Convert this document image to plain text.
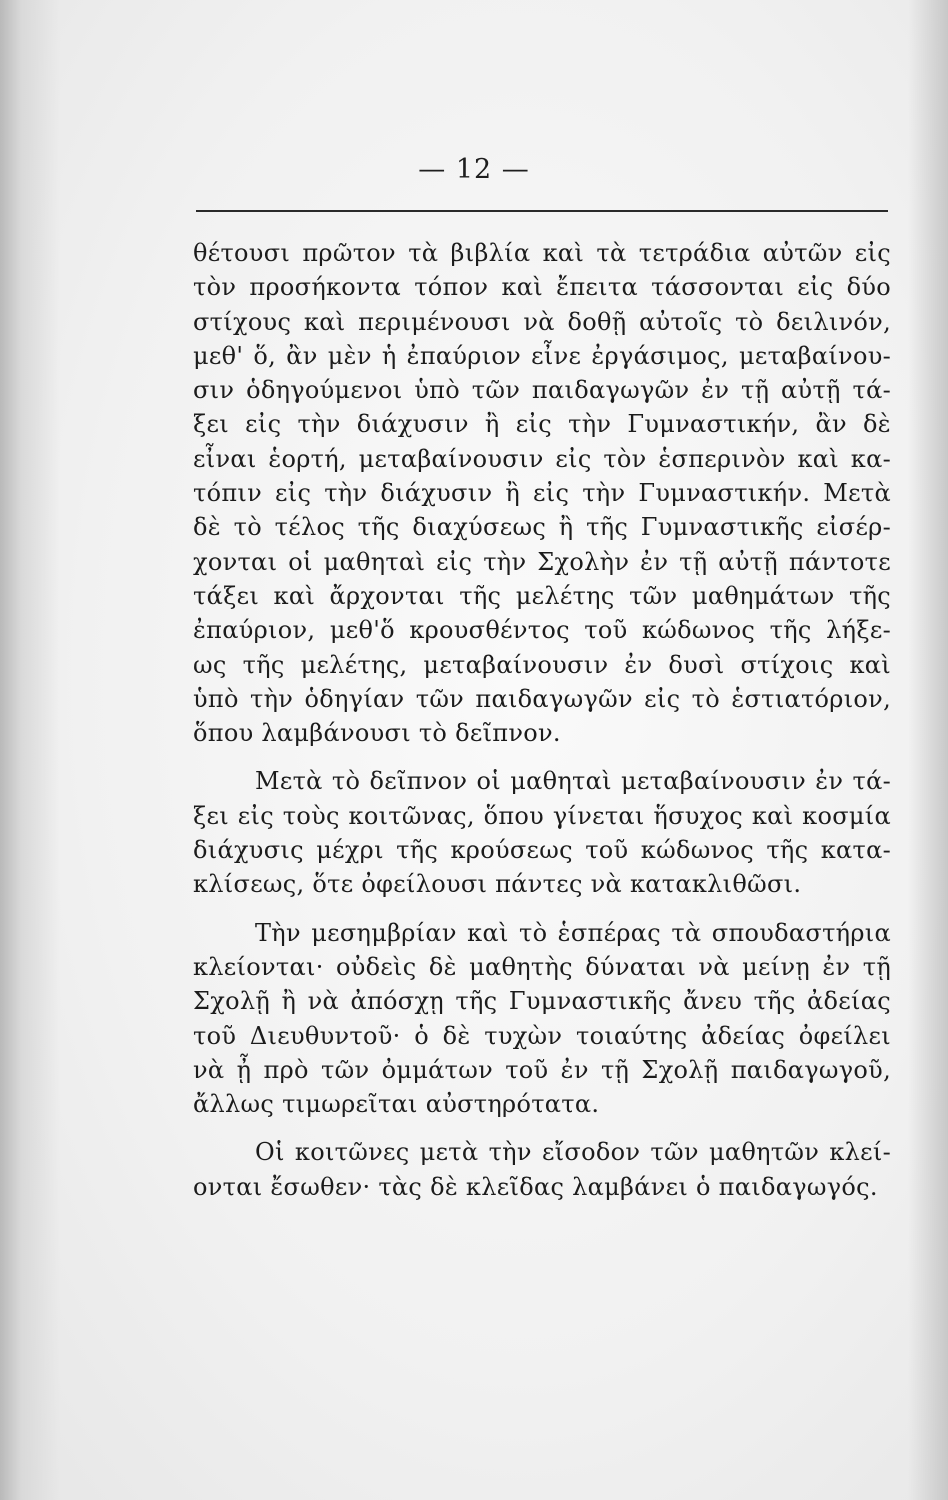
— 12 —
θέτουσι πρῶτον τὰ βιβλία καὶ τὰ τετράδια αὐτῶν εἰς
τὸν προσήκοντα τόπον καὶ ἔπειτα τάσσονται εἰς δύο
στίχους καὶ περιμένουσι νὰ δοθῇ αὐτοῖς τὸ δειλινόν,
μεθ' ὅ, ἂν μὲν ἡ ἐπαύριον εἶνε ἐργάσιμος, μεταβαίνου-
σιν ὁδηγούμενοι ὑπὸ τῶν παιδαγωγῶν ἐν τῇ αὐτῇ τά-
ξει εἰς τὴν διάχυσιν ἢ εἰς τὴν Γυμναστικήν, ἂν δὲ
εἶναι ἑορτή, μεταβαίνουσιν εἰς τὸν ἑσπερινὸν καὶ κα-
τόπιν εἰς τὴν διάχυσιν ἢ εἰς τὴν Γυμναστικήν. Μετὰ
δὲ τὸ τέλος τῆς διαχύσεως ἢ τῆς Γυμναστικῆς εἰσέρ-
χονται οἱ μαθηταὶ εἰς τὴν Σχολὴν ἐν τῇ αὐτῇ πάντοτε
τάξει καὶ ἄρχονται τῆς μελέτης τῶν μαθημάτων τῆς
ἐπαύριον, μεθ'ὅ κρουσθέντος τοῦ κώδωνος τῆς λήξε-
ως τῆς μελέτης, μεταβαίνουσιν ἐν δυσὶ στίχοις καὶ
ὑπὸ τὴν ὁδηγίαν τῶν παιδαγωγῶν εἰς τὸ ἑστιατόριον,
ὅπου λαμβάνουσι τὸ δεῖπνον.
Μετὰ τὸ δεῖπνον οἱ μαθηταὶ μεταβαίνουσιν ἐν τά-
ξει εἰς τοὺς κοιτῶνας, ὅπου γίνεται ἥσυχος καὶ κοσμία
διάχυσις μέχρι τῆς κρούσεως τοῦ κώδωνος τῆς κατα-
κλίσεως, ὅτε ὀφείλουσι πάντες νὰ κατακλιθῶσι.
Τὴν μεσημβρίαν καὶ τὸ ἑσπέρας τὰ σπουδαστήρια
κλείονται· οὐδεὶς δὲ μαθητὴς δύναται νὰ μείνῃ ἐν τῇ
Σχολῇ ἢ νὰ ἀπόσχῃ τῆς Γυμναστικῆς ἄνευ τῆς ἀδείας
τοῦ Διευθυντοῦ· ὁ δὲ τυχὼν τοιαύτης ἀδείας ὀφείλει
νὰ ᾖ πρὸ τῶν ὀμμάτων τοῦ ἐν τῇ Σχολῇ παιδαγωγοῦ,
ἄλλως τιμωρεῖται αὐστηρότατα.
Οἱ κοιτῶνες μετὰ τὴν εἴσοδον τῶν μαθητῶν κλεί-
ονται ἔσωθεν· τὰς δὲ κλεῖδας λαμβάνει ὁ παιδαγωγός.
